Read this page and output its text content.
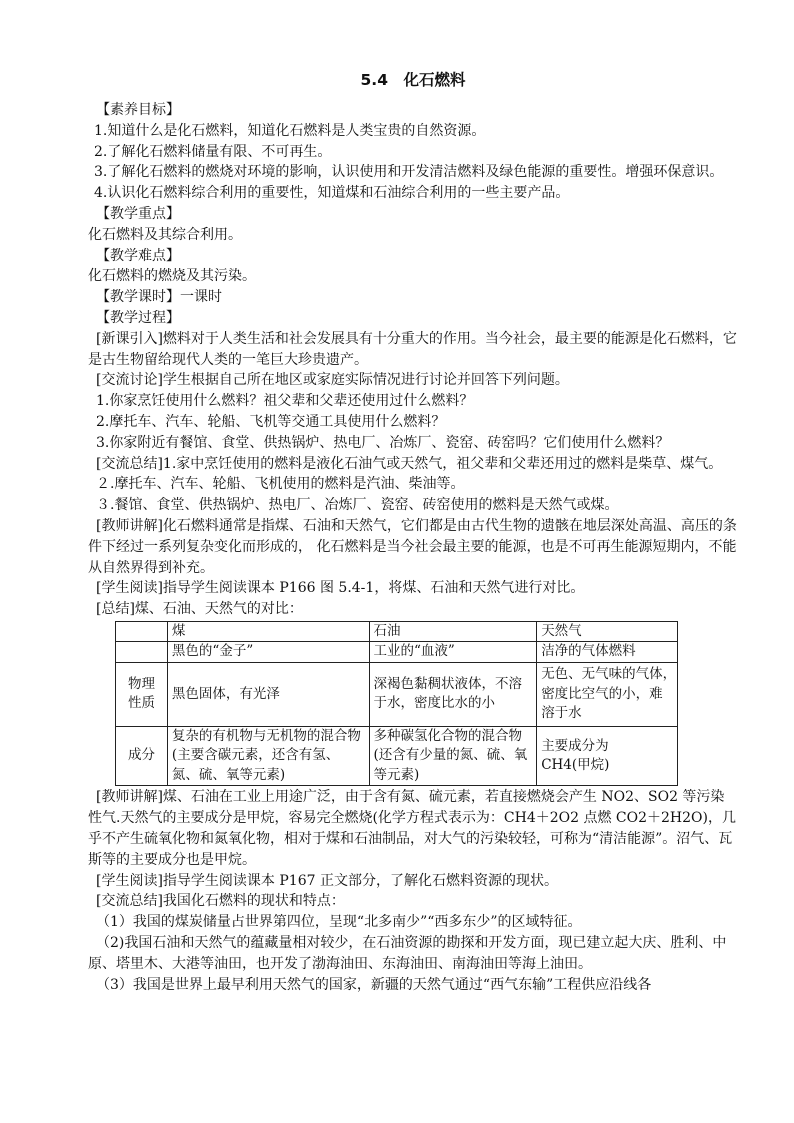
5.4　化石燃料

【素养目标】

1.知道什么是化石燃料，知道化石燃料是人类宝贵的自然资源。

2.了解化石燃料储量有限、不可再生。

3.了解化石燃料的燃烧对环境的影响，认识使用和开发清洁燃料及绿色能源的重要性。增强环保意识。

4.认识化石燃料综合利用的重要性，知道煤和石油综合利用的一些主要产品。

【教学重点】

化石燃料及其综合利用。

【教学难点】

化石燃料的燃烧及其污染。

【教学课时】一课时

【教学过程】

[新课引入]燃料对于人类生活和社会发展具有十分重大的作用。当今社会，最主要的能源是化石燃料，它是古生物留给现代人类的一笔巨大珍贵遗产。

[交流讨论]学生根据自己所在地区或家庭实际情况进行讨论并回答下列问题。

1.你家烹饪使用什么燃料？祖父辈和父辈还使用过什么燃料？

2.摩托车、汽车、轮船、飞机等交通工具使用什么燃料？

3.你家附近有餐馆、食堂、供热锅炉、热电厂、冶炼厂、瓷窑、砖窑吗？它们使用什么燃料？

[交流总结]1.家中烹饪使用的燃料是液化石油气或天然气，祖父辈和父辈还用过的燃料是柴草、煤气。

２.摩托车、汽车、轮船、飞机使用的燃料是汽油、柴油等。

３.餐馆、食堂、供热锅炉、热电厂、冶炼厂、瓷窑、砖窑使用的燃料是天然气或煤。

[教师讲解]化石燃料通常是指煤、石油和天然气，它们都是由古代生物的遗骸在地层深处高温、高压的条件下经过一系列复杂变化而形成的， 化石燃料是当今社会最主要的能源，也是不可再生能源短期内，不能从自然界得到补充。

[学生阅读]指导学生阅读课本 P166 图 5.4-1，将煤、石油和天然气进行对比。

[总结]煤、石油、天然气的对比：

	煤	石油	天然气
	黑色的“金子”	工业的“血液”	洁净的气体燃料
物理
性质	黑色固体，有光泽	深褐色黏稠状液体，不溶于水，密度比水的小	无色、无气味的气体，　密度比空气的小，难溶于水
成分	复杂的有机物与无机物的混合物(主要含碳元素，还含有氢、氮、硫、氧等元素)	多种碳氢化合物的混合物(还含有少量的氮、硫、氧等元素)	主要成分为
CH4(甲烷)

[教师讲解]煤、石油在工业上用途广泛，由于含有氮、硫元素，若直接燃烧会产生 NO2、SO2 等污染性气.天然气的主要成分是甲烷，容易完全燃烧(化学方程式表示为：CH4＋2O2 点燃 CO2＋2H2O)，几乎不产生硫氧化物和氮氧化物，相对于煤和石油制品，对大气的污染较轻，可称为“清洁能源”。沼气、瓦斯等的主要成分也是甲烷。

[学生阅读]指导学生阅读课本 P167 正文部分，了解化石燃料资源的现状。

[交流总结]我国化石燃料的现状和特点：

（1）我国的煤炭储量占世界第四位，呈现“北多南少”“西多东少”的区域特征。

（2)我国石油和天然气的蕴藏量相对较少，在石油资源的勘探和开发方面，现已建立起大庆、胜利、中原、塔里木、大港等油田，也开发了渤海油田、东海油田、南海油田等海上油田。

（3）我国是世界上最早利用天然气的国家，新疆的天然气通过“西气东输”工程供应沿线各
